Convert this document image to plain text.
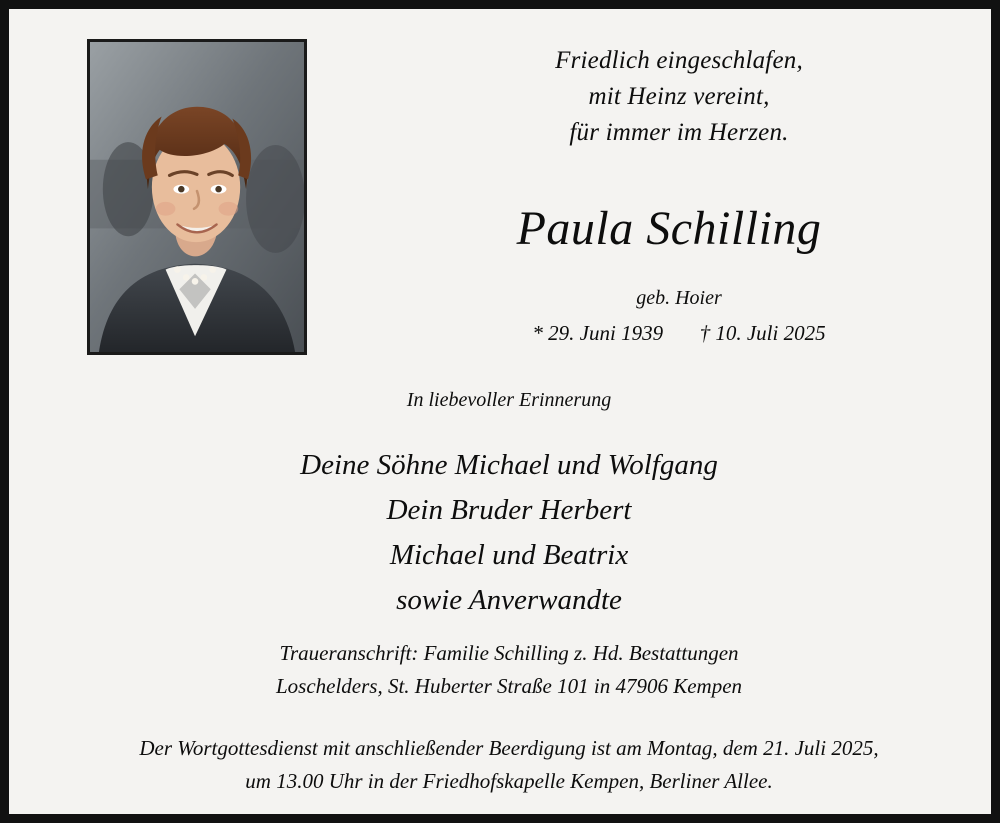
Friedlich eingeschlafen,
mit Heinz vereint,
für immer im Herzen.
Paula Schilling
geb. Hoier
* 29. Juni 1939 † 10. Juli 2025
In liebevoller Erinnerung
Deine Söhne Michael und Wolfgang
Dein Bruder Herbert
Michael und Beatrix
sowie Anverwandte
Traueranschrift: Familie Schilling z. Hd. Bestattungen
Loschelders, St. Huberter Straße 101 in 47906 Kempen
Der Wortgottesdienst mit anschließender Beerdigung ist am Montag, dem 21. Juli 2025,
um 13.00 Uhr in der Friedhofskapelle Kempen, Berliner Allee.
